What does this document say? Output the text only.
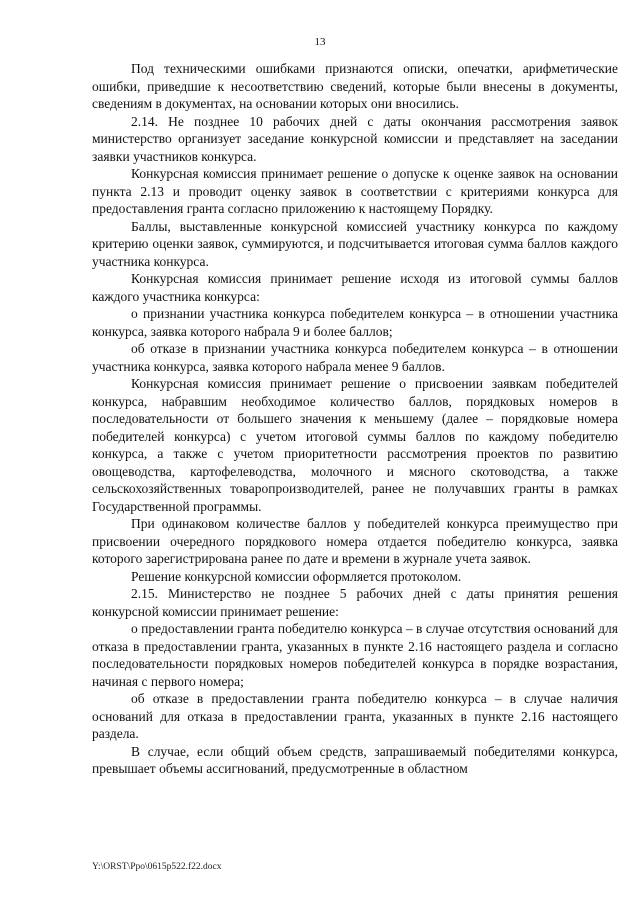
13

Под техническими ошибками признаются описки, опечатки, арифметические ошибки, приведшие к несоответствию сведений, которые были внесены в документы, сведениям в документах, на основании которых они вносились.

2.14. Не позднее 10 рабочих дней с даты окончания рассмотрения заявок министерство организует заседание конкурсной комиссии и представляет на заседании заявки участников конкурса.

Конкурсная комиссия принимает решение о допуске к оценке заявок на основании пункта 2.13 и проводит оценку заявок в соответствии с критериями конкурса для предоставления гранта согласно приложению к настоящему Порядку.

Баллы, выставленные конкурсной комиссией участнику конкурса по каждому критерию оценки заявок, суммируются, и подсчитывается итоговая сумма баллов каждого участника конкурса.

Конкурсная комиссия принимает решение исходя из итоговой суммы баллов каждого участника конкурса:

о признании участника конкурса победителем конкурса – в отношении участника конкурса, заявка которого набрала 9 и более баллов;

об отказе в признании участника конкурса победителем конкурса – в отношении участника конкурса, заявка которого набрала менее 9 баллов.

Конкурсная комиссия принимает решение о присвоении заявкам победителей конкурса, набравшим необходимое количество баллов, порядковых номеров в последовательности от большего значения к меньшему (далее – порядковые номера победителей конкурса) с учетом итоговой суммы баллов по каждому победителю конкурса, а также с учетом приоритетности рассмотрения проектов по развитию овощеводства, картофелеводства, молочного и мясного скотоводства, а также сельскохозяйственных товаропроизводителей, ранее не получавших гранты в рамках Государственной программы.

При одинаковом количестве баллов у победителей конкурса преимущество при присвоении очередного порядкового номера отдается победителю конкурса, заявка которого зарегистрирована ранее по дате и времени в журнале учета заявок.

Решение конкурсной комиссии оформляется протоколом.

2.15. Министерство не позднее 5 рабочих дней с даты принятия решения конкурсной комиссии принимает решение:

о предоставлении гранта победителю конкурса – в случае отсутствия оснований для отказа в предоставлении гранта, указанных в пункте 2.16 настоящего раздела и согласно последовательности порядковых номеров победителей конкурса в порядке возрастания, начиная с первого номера;

об отказе в предоставлении гранта победителю конкурса – в случае наличия оснований для отказа в предоставлении гранта, указанных в пункте 2.16 настоящего раздела.

В случае, если общий объем средств, запрашиваемый победителями конкурса, превышает объемы ассигнований, предусмотренные в областном

Y:\ORST\Ppo\0615p522.f22.docx
